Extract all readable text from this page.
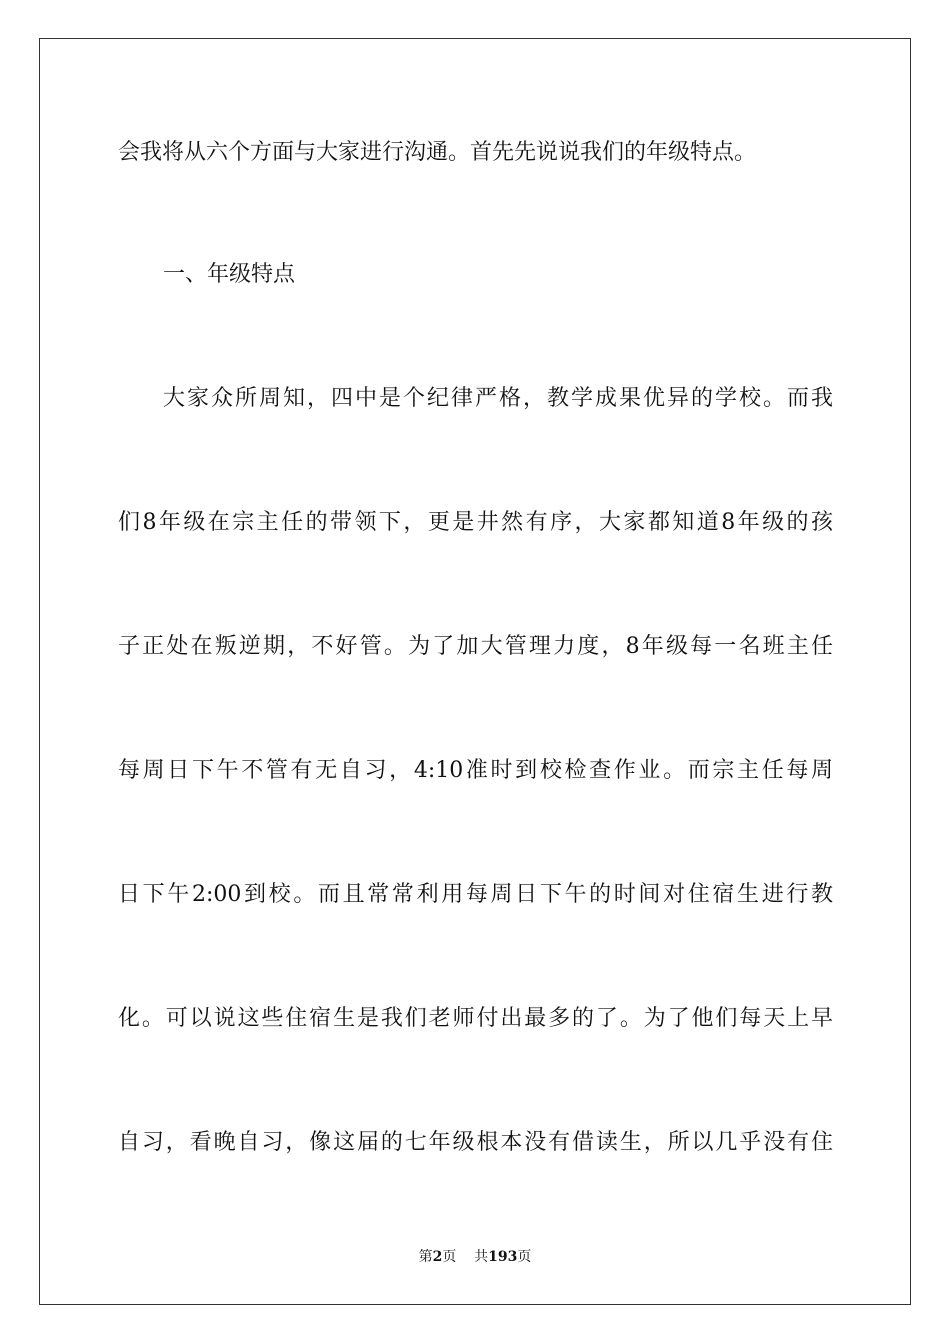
会我将从六个方面与大家进行沟通。首先先说说我们的年级特点。
一、年级特点
大家众所周知，四中是个纪律严格，教学成果优异的学校。而我
们8年级在宗主任的带领下，更是井然有序，大家都知道8年级的孩
子正处在叛逆期，不好管。为了加大管理力度，8年级每一名班主任
每周日下午不管有无自习，4:10准时到校检查作业。而宗主任每周
日下午2:00到校。而且常常利用每周日下午的时间对住宿生进行教
化。可以说这些住宿生是我们老师付出最多的了。为了他们每天上早
自习，看晚自习，像这届的七年级根本没有借读生，所以几乎没有住
第2页 共193页
